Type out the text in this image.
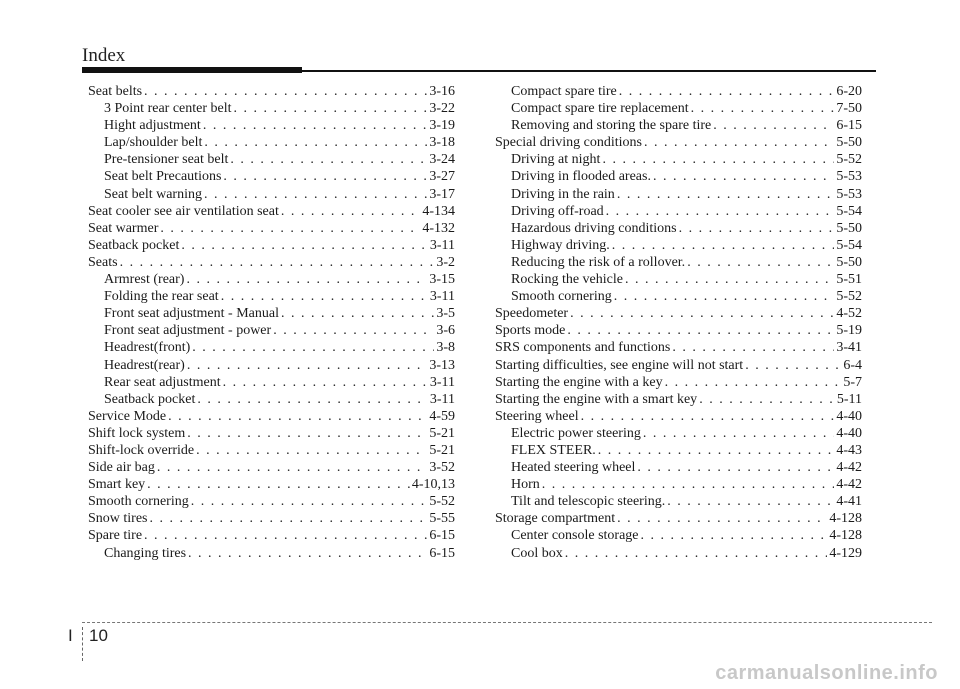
Index
Seat belts . . .	3-16
3 Point rear center belt . . .	3-22
Hight adjustment . . .	3-19
Lap/shoulder belt . . .	3-18
Pre-tensioner seat belt . . .	3-24
Seat belt Precautions . . .	3-27
Seat belt warning . . .	3-17
Seat cooler see air ventilation seat . . .	4-134
Seat warmer . . .	4-132
Seatback pocket . . .	3-11
Seats . . .	3-2
Armrest (rear) . . .	3-15
Folding the rear seat . . .	3-11
Front seat adjustment - Manual . . .	3-5
Front seat adjustment - power . . .	3-6
Headrest(front) . . .	3-8
Headrest(rear) . . .	3-13
Rear seat adjustment . . .	3-11
Seatback pocket . . .	3-11
Service Mode . . .	4-59
Shift lock system . . .	5-21
Shift-lock override . . .	5-21
Side air bag . . .	3-52
Smart key . . .	4-10,13
Smooth cornering . . .	5-52
Snow tires . . .	5-55
Spare tire . . .	6-15
Changing tires . . .	6-15
Compact spare tire . . .	6-20
Compact spare tire replacement . . .	7-50
Removing and storing the spare tire . . .	6-15
Special driving conditions . . .	5-50
Driving at night . . .	5-52
Driving in flooded areas. . . .	5-53
Driving in the rain . . .	5-53
Driving off-road . . .	5-54
Hazardous driving conditions . . .	5-50
Highway driving. . . .	5-54
Reducing the risk of a rollover. . . .	5-50
Rocking the vehicle . . .	5-51
Smooth cornering . . .	5-52
Speedometer . . .	4-52
Sports mode . . .	5-19
SRS components and functions . . .	3-41
Starting difficulties, see engine will not start . . .	6-4
Starting the engine with a key . . .	5-7
Starting the engine with a smart key . . .	5-11
Steering wheel . . .	4-40
Electric power steering . . .	4-40
FLEX STEER. . . .	4-43
Heated steering wheel . . .	4-42
Horn . . .	4-42
Tilt and telescopic steering. . . .	4-41
Storage compartment . . .	4-128
Center console storage . . .	4-128
Cool box . . .	4-129
I 10
carmanualsonline.info
